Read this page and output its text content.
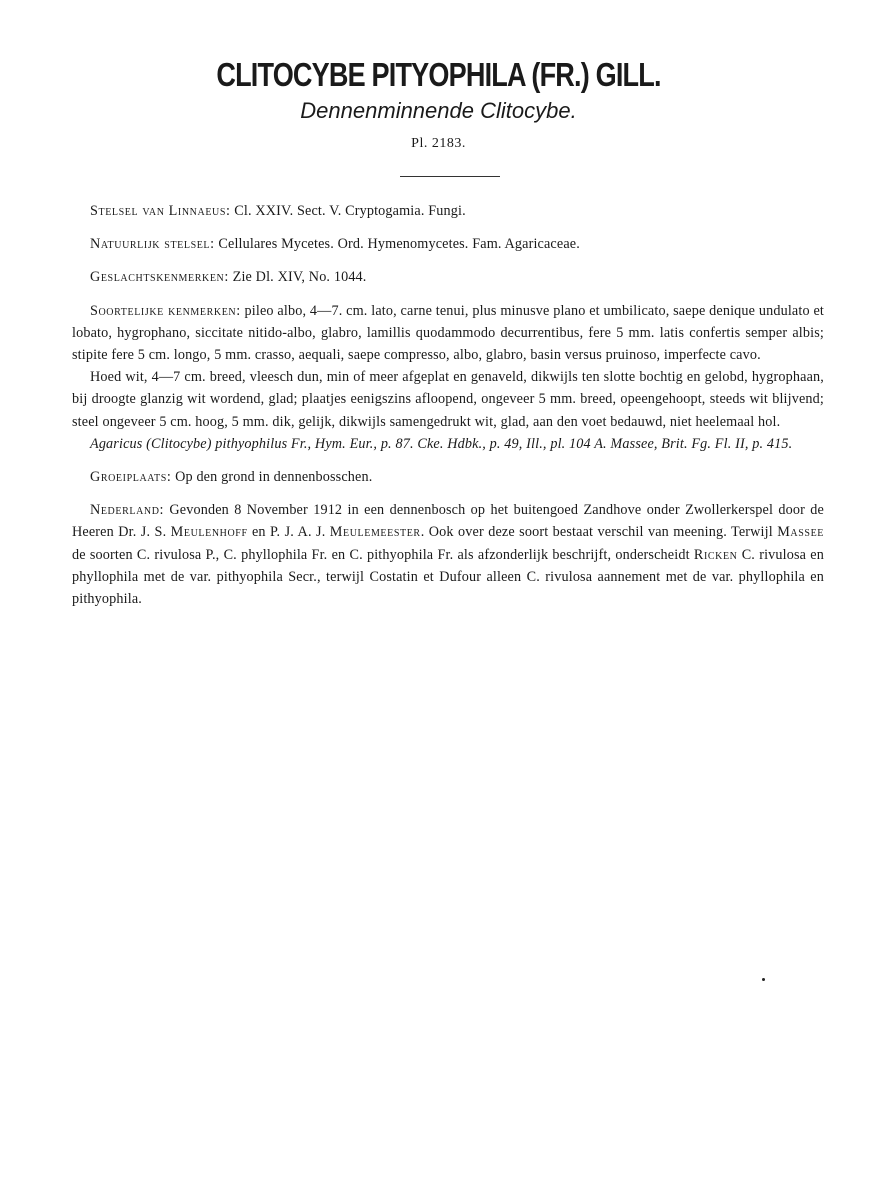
CLITOCYBE PITYOPHILA (FR.) GILL.
Dennenminnende Clitocybe.
Pl. 2183.

Stelsel van Linnaeus: Cl. XXIV. Sect. V. Cryptogamia. Fungi.

Natuurlijk stelsel: Cellulares Mycetes. Ord. Hymenomycetes. Fam. Agaricaceae.

Geslachtskenmerken: Zie Dl. XIV, No. 1044.

Soortelijke kenmerken: pileo albo, 4—7. cm. lato, carne tenui, plus minusve plano et umbilicato, saepe denique undulato et lobato, hygrophano, siccitate nitido-albo, glabro, lamillis quodammodo decurrentibus, fere 5 mm. latis confertis semper albis; stipite fere 5 cm. longo, 5 mm. crasso, aequali, saepe compresso, albo, glabro, basin versus pruinoso, imperfecte cavo.

Hoed wit, 4—7 cm. breed, vleesch dun, min of meer afgeplat en genaveld, dikwijls ten slotte bochtig en gelobd, hygrophaan, bij droogte glanzig wit wordend, glad; plaatjes eenigszins afloopend, ongeveer 5 mm. breed, opeengehoopt, steeds wit blijvend; steel ongeveer 5 cm. hoog, 5 mm. dik, gelijk, dikwijls samengedrukt wit, glad, aan den voet bedauwd, niet heelemaal hol.

Agaricus (Clitocybe) pithyophilus Fr., Hym. Eur., p. 87. Cke. Hdbk., p. 49, Ill., pl. 104 A. Massee, Brit. Fg. Fl. II, p. 415.

Groeiplaats: Op den grond in dennenbosschen.

Nederland: Gevonden 8 November 1912 in een dennenbosch op het buitengoed Zandhove onder Zwollerkerspel door de Heeren Dr. J. S. Meulenhoff en P. J. A. J. Meulemeester. Ook over deze soort bestaat verschil van meening. Terwijl Massee de soorten C. rivulosa P., C. phyllophila Fr. en C. pithyophila Fr. als afzonderlijk beschrijft, onderscheidt Ricken C. rivulosa en phyllophila met de var. pithyophila Secr., terwijl Costatin et Dufour alleen C. rivulosa aannement met de var. phyllophila en pithyophila.
